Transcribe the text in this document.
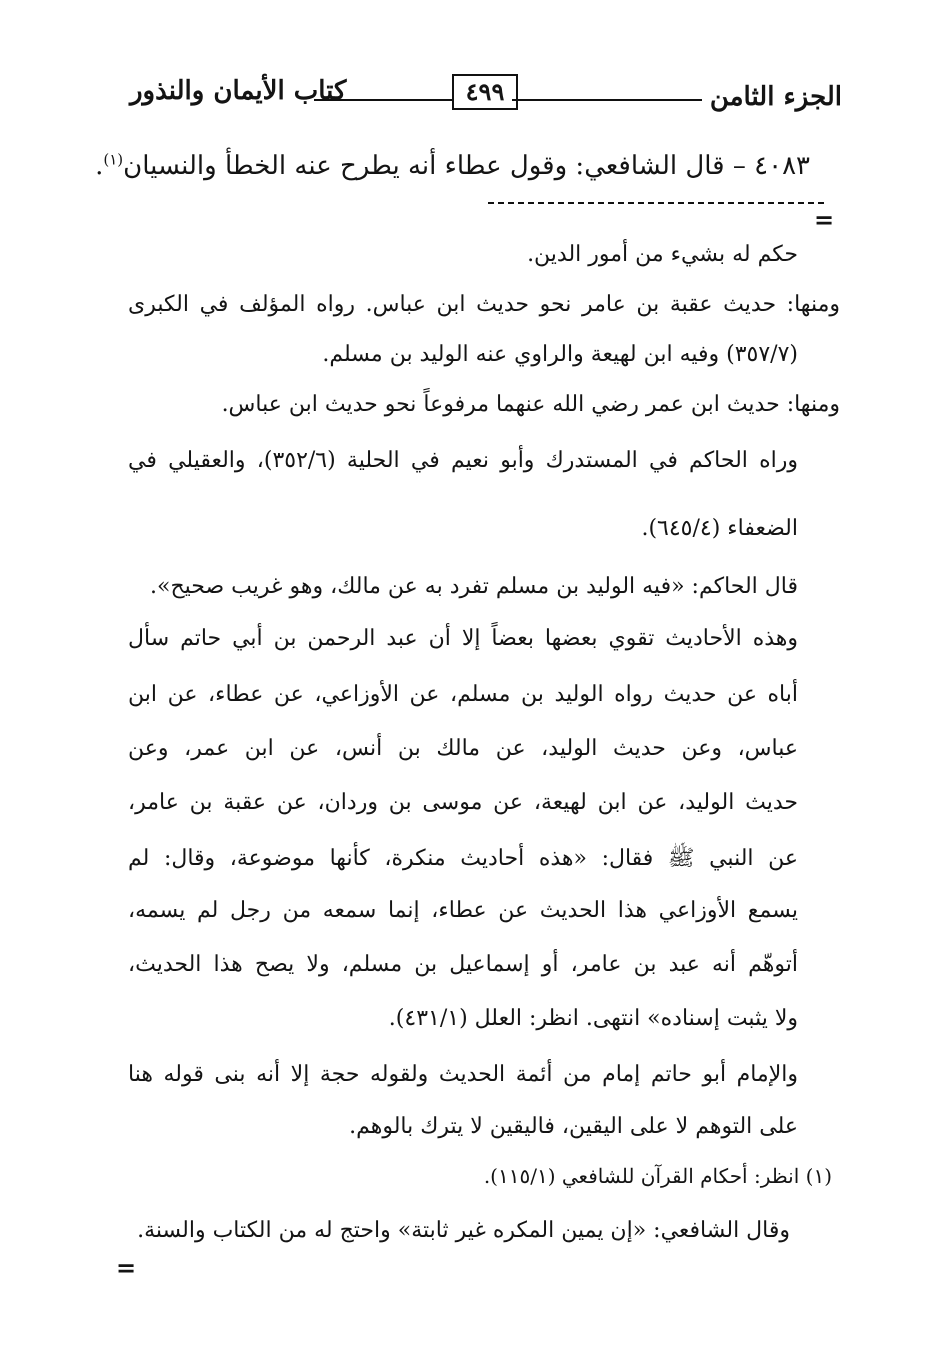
الجزء الثامن
٤٩٩
كتاب الأيمان والنذور
٤٠٨٣ – قال الشافعي: وقول عطاء أنه يطرح عنه الخطأ والنسيان$^{(١)}$.
=
حكم له بشيء من أمور الدين.
ومنها: حديث عقبة بن عامر نحو حديث ابن عباس. رواه المؤلف في الكبرى
(٣٥٧/٧) وفيه ابن لهيعة والراوي عنه الوليد بن مسلم.
ومنها: حديث ابن عمر رضي الله عنهما مرفوعاً نحو حديث ابن عباس.
وراه الحاكم في المستدرك وأبو نعيم في الحلية (٣٥٢/٦)، والعقيلي في
الضعفاء (٦٤٥/٤).
قال الحاكم: «فيه الوليد بن مسلم تفرد به عن مالك، وهو غريب صحيح».
وهذه الأحاديث تقوي بعضها بعضاً إلا أن عبد الرحمن بن أبي حاتم سأل
أباه عن حديث رواه الوليد بن مسلم، عن الأوزاعي، عن عطاء، عن ابن
عباس، وعن حديث الوليد، عن مالك بن أنس، عن ابن عمر، وعن
حديث الوليد، عن ابن لهيعة، عن موسى بن وردان، عن عقبة بن عامر،
عن النبي ﷺ فقال: «هذه أحاديث منكرة، كأنها موضوعة، وقال: لم
يسمع الأوزاعي هذا الحديث عن عطاء، إنما سمعه من رجل لم يسمه،
أتوهّم أنه عبد بن عامر، أو إسماعيل بن مسلم، ولا يصح هذا الحديث،
ولا يثبت إسناده» انتهى. انظر: العلل (٤٣١/١).
والإمام أبو حاتم إمام من أئمة الحديث ولقوله حجة إلا أنه بنى قوله هنا
على التوهم لا على اليقين، فاليقين لا يترك بالوهم.
(١) انظر: أحكام القرآن للشافعي (١١٥/١).
وقال الشافعي: «إن يمين المكره غير ثابتة» واحتج له من الكتاب والسنة.
=
